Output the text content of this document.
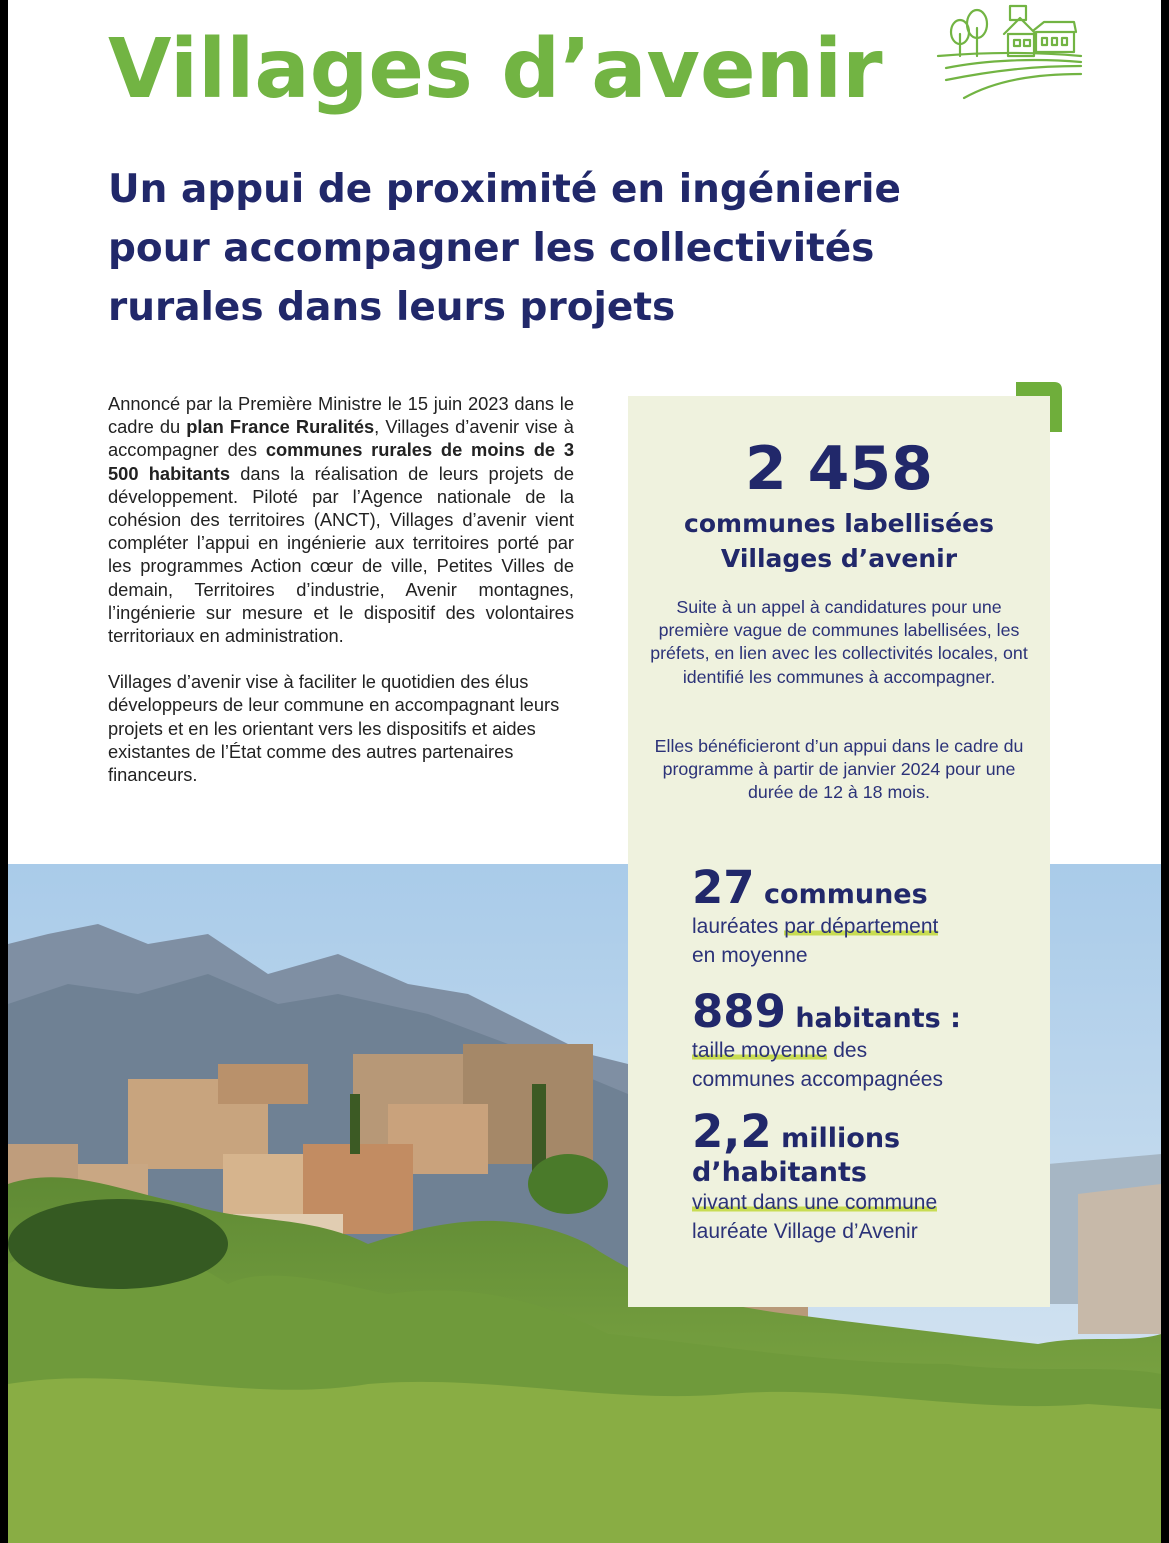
Villages d’avenir
Un appui de proximité en ingénierie pour accompagner les collectivités rurales dans leurs projets

Annoncé par la Première Ministre le 15 juin 2023 dans le cadre du plan France Ruralités, Villages d’avenir vise à accompagner des communes rurales de moins de 3 500 habitants dans la réalisation de leurs projets de développement. Piloté par l’Agence nationale de la cohésion des territoires (ANCT), Villages d’avenir vient compléter l’appui en ingénierie aux territoires porté par les programmes Action cœur de ville, Petites Villes de demain, Territoires d’industrie, Avenir montagnes, l’ingénierie sur mesure et le dispositif des volontaires territoriaux en administration.

Villages d’avenir vise à faciliter le quotidien des élus développeurs de leur commune en accompagnant leurs projets et en les orientant vers les dispositifs et aides existantes de l’État comme des autres partenaires financeurs.

2 458
communes labellisées
Villages d’avenir
Suite à un appel à candidatures pour une première vague de communes labellisées, les préfets, en lien avec les collectivités locales, ont identifié les communes à accompagner.
Elles bénéficieront d’un appui dans le cadre du programme à partir de janvier 2024 pour une durée de 12 à 18 mois.
27 communes
lauréates par département
en moyenne
889 habitants :
taille moyenne des
communes accompagnées
2,2 millions
d’habitants
vivant dans une commune
lauréate Village d’Avenir
